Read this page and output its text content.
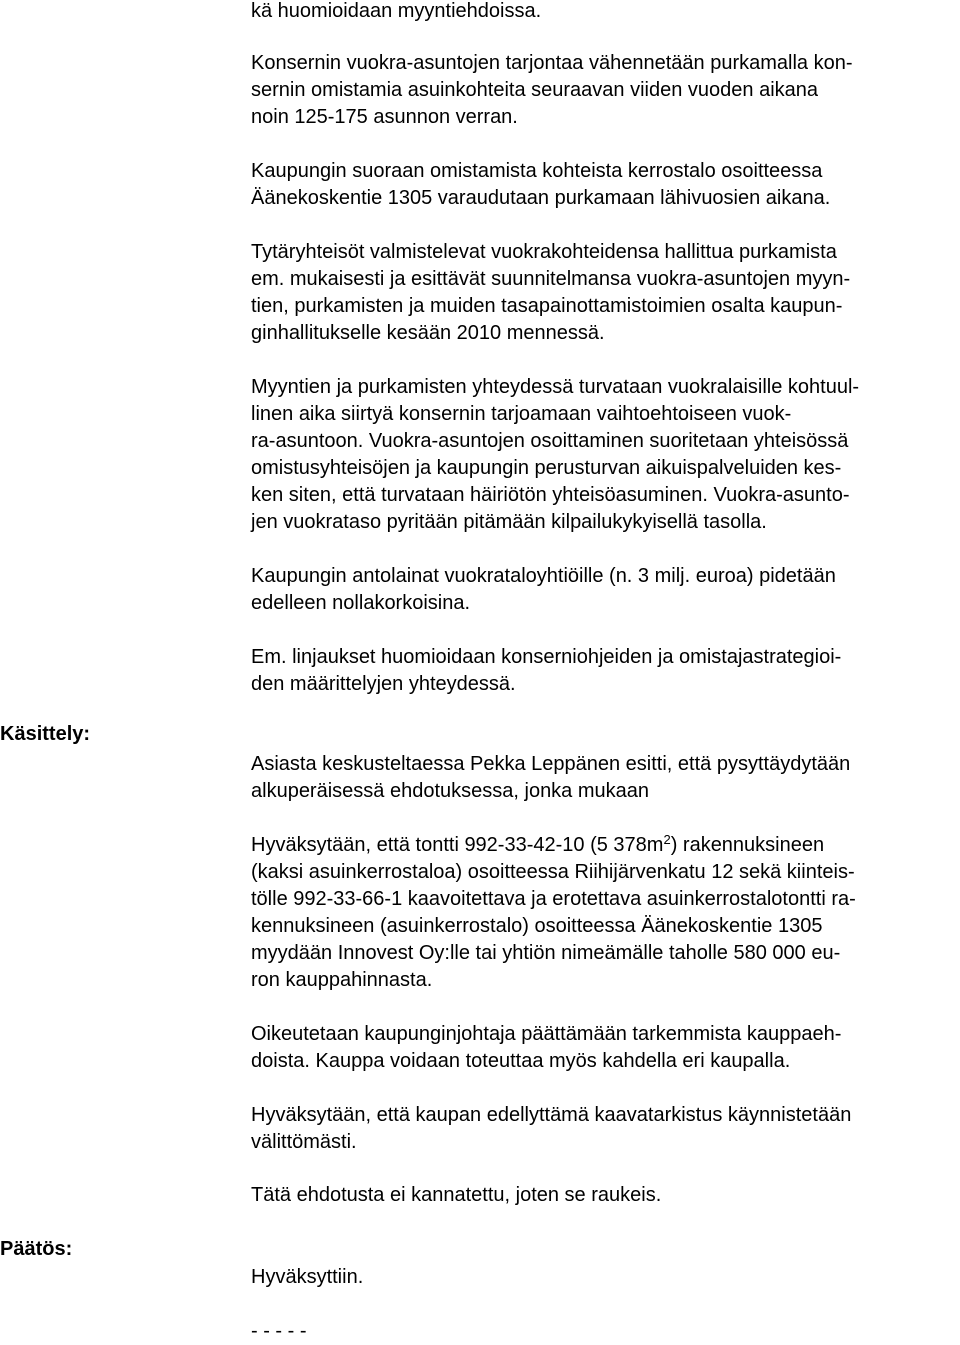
kä huomioidaan myyntiehdoissa.
Konsernin vuokra-asuntojen tarjontaa vähennetään purkamalla kon-
sernin omistamia asuinkohteita seuraavan viiden vuoden aikana
noin 125-175 asunnon verran.
Kaupungin suoraan omistamista kohteista kerrostalo osoitteessa
Äänekoskentie 1305 varaudutaan purkamaan lähivuosien aikana.
Tytäryhteisöt valmistelevat vuokrakohteidensa hallittua purkamista
em. mukaisesti ja esittävät suunnitelmansa vuokra-asuntojen myyn-
tien, purkamisten ja muiden tasapainottamistoimien osalta kaupun-
ginhallitukselle kesään 2010 mennessä.
Myyntien ja purkamisten yhteydessä turvataan vuokralaisille kohtuul-
linen aika siirtyä konsernin tarjoamaan vaihtoehtoiseen vuok-
ra-asuntoon. Vuokra-asuntojen osoittaminen suoritetaan yhteisössä
omistusyhteisöjen ja kaupungin perusturvan aikuispalveluiden kes-
ken siten, että turvataan häiriötön yhteisöasuminen. Vuokra-asunto-
jen vuokrataso pyritään pitämään kilpailukykyisellä tasolla.
Kaupungin antolainat vuokrataloyhtiöille (n. 3 milj. euroa) pidetään
edelleen nollakorkoisina.
Em. linjaukset huomioidaan konserniohjeiden ja omistajastrategioi-
den määrittelyjen yhteydessä.
Käsittely:
Asiasta keskusteltaessa Pekka Leppänen esitti, että pysyttäydytään
alkuperäisessä ehdotuksessa, jonka mukaan
Hyväksytään, että tontti 992-33-42-10 (5 $378m^2$) rakennuksineen
(kaksi asuinkerrostaloa) osoitteessa Riihijärvenkatu 12 sekä kiinteis-
tölle 992-33-66-1 kaavoitettava ja erotettava asuinkerrostalotontti ra-
kennuksineen (asuinkerrostalo) osoitteessa Äänekoskentie 1305
myydään Innovest Oy:lle tai yhtiön nimeämälle taholle 580 000 eu-
ron kauppahinnasta.
Oikeutetaan kaupunginjohtaja päättämään tarkemmista kauppaeh-
doista. Kauppa voidaan toteuttaa myös kahdella eri kaupalla.
Hyväksytään, että kaupan edellyttämä kaavatarkistus käynnistetään
välittömästi.
Tätä ehdotusta ei kannatettu, joten se raukeis.
Päätös:
Hyväksyttiin.
- - - - -
